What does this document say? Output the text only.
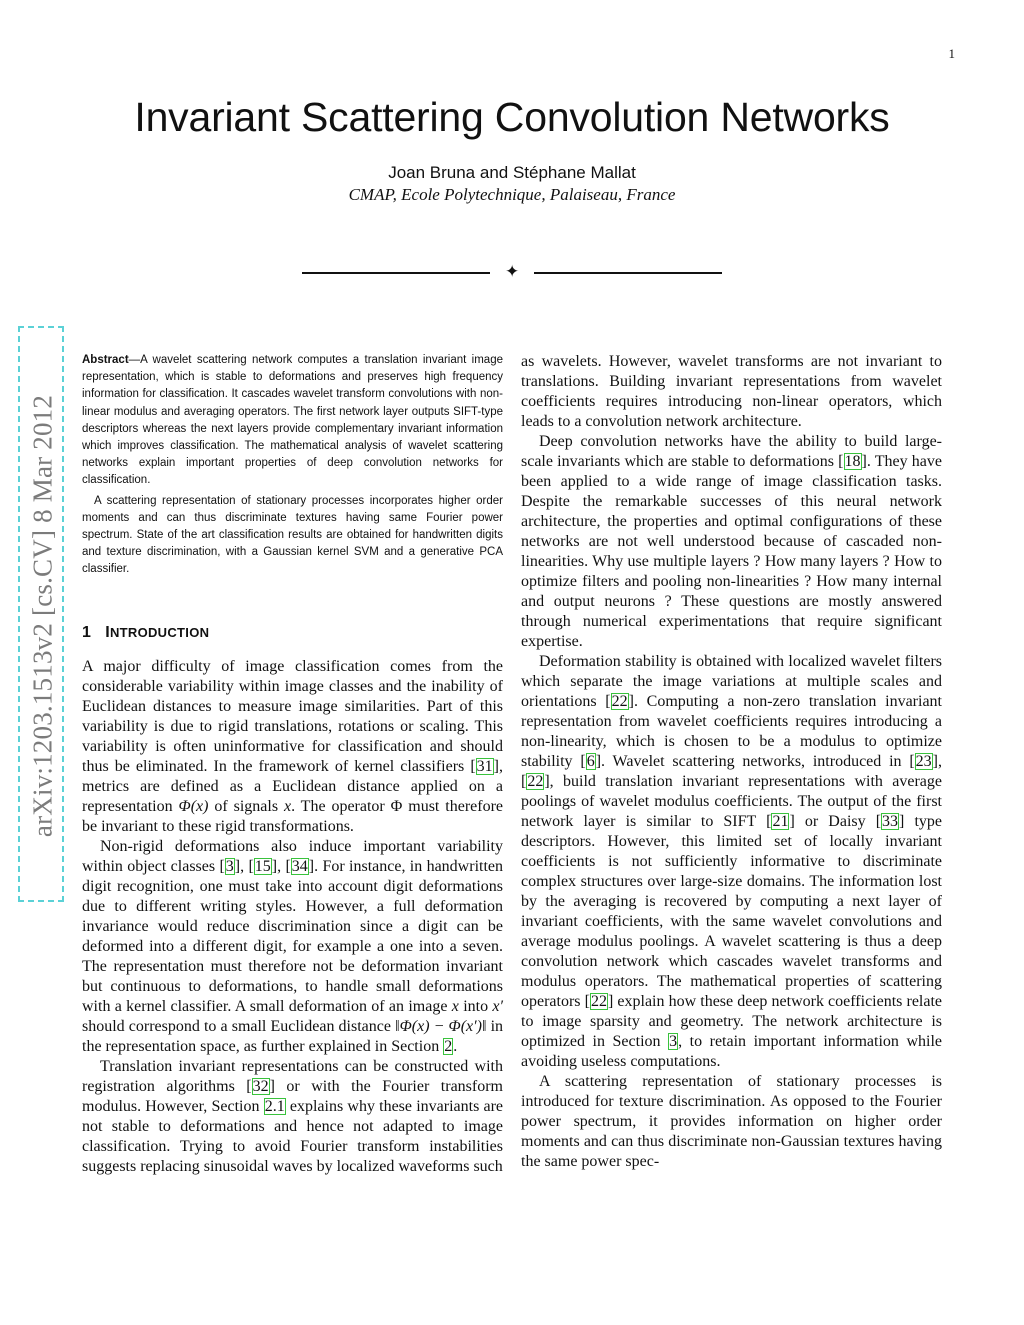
1
Invariant Scattering Convolution Networks
Joan Bruna and Stéphane Mallat
CMAP, Ecole Polytechnique, Palaiseau, France
✦
arXiv:1203.1513v2 [cs.CV] 8 Mar 2012

Abstract—A wavelet scattering network computes a translation invariant image representation, which is stable to deformations and preserves high frequency information for classification. It cascades wavelet transform convolutions with non-linear modulus and averaging operators. The first network layer outputs SIFT-type descriptors whereas the next layers provide complementary invariant information which improves classification. The mathematical analysis of wavelet scattering networks explain important properties of deep convolution networks for classification.

A scattering representation of stationary processes incorporates higher order moments and can thus discriminate textures having same Fourier power spectrum. State of the art classification results are obtained for handwritten digits and texture discrimination, with a Gaussian kernel SVM and a generative PCA classifier.

1 INTRODUCTION

A major difficulty of image classification comes from the considerable variability within image classes and the inability of Euclidean distances to measure image similarities. Part of this variability is due to rigid translations, rotations or scaling. This variability is often uninformative for classification and should thus be eliminated. In the framework of kernel classifiers [31], metrics are defined as a Euclidean distance applied on a representation Φ(x) of signals x. The operator Φ must therefore be invariant to these rigid transformations.

Non-rigid deformations also induce important variability within object classes [3], [15], [34]. For instance, in handwritten digit recognition, one must take into account digit deformations due to different writing styles. However, a full deformation invariance would reduce discrimination since a digit can be deformed into a different digit, for example a one into a seven. The representation must therefore not be deformation invariant but continuous to deformations, to handle small deformations with a kernel classifier. A small deformation of an image x into x′ should correspond to a small Euclidean distance ‖Φ(x) − Φ(x′)‖ in the representation space, as further explained in Section 2.

Translation invariant representations can be constructed with registration algorithms [32] or with the Fourier transform modulus. However, Section 2.1 explains why these invariants are not stable to deformations and hence not adapted to image classification. Trying to avoid Fourier transform instabilities suggests replacing sinusoidal waves by localized waveforms such

as wavelets. However, wavelet transforms are not invariant to translations. Building invariant representations from wavelet coefficients requires introducing non-linear operators, which leads to a convolution network architecture.

Deep convolution networks have the ability to build large-scale invariants which are stable to deformations [18]. They have been applied to a wide range of image classification tasks. Despite the remarkable successes of this neural network architecture, the properties and optimal configurations of these networks are not well understood because of cascaded non-linearities. Why use multiple layers ? How many layers ? How to optimize filters and pooling non-linearities ? How many internal and output neurons ? These questions are mostly answered through numerical experimentations that require significant expertise.

Deformation stability is obtained with localized wavelet filters which separate the image variations at multiple scales and orientations [22]. Computing a non-zero translation invariant representation from wavelet coefficients requires introducing a non-linearity, which is chosen to be a modulus to optimize stability [6]. Wavelet scattering networks, introduced in [23], [22], build translation invariant representations with average poolings of wavelet modulus coefficients. The output of the first network layer is similar to SIFT [21] or Daisy [33] type descriptors. However, this limited set of locally invariant coefficients is not sufficiently informative to discriminate complex structures over large-size domains. The information lost by the averaging is recovered by computing a next layer of invariant coefficients, with the same wavelet convolutions and average modulus poolings. A wavelet scattering is thus a deep convolution network which cascades wavelet transforms and modulus operators. The mathematical properties of scattering operators [22] explain how these deep network coefficients relate to image sparsity and geometry. The network architecture is optimized in Section 3, to retain important information while avoiding useless computations.

A scattering representation of stationary processes is introduced for texture discrimination. As opposed to the Fourier power spectrum, it provides information on higher order moments and can thus discriminate non-Gaussian textures having the same power spec-
